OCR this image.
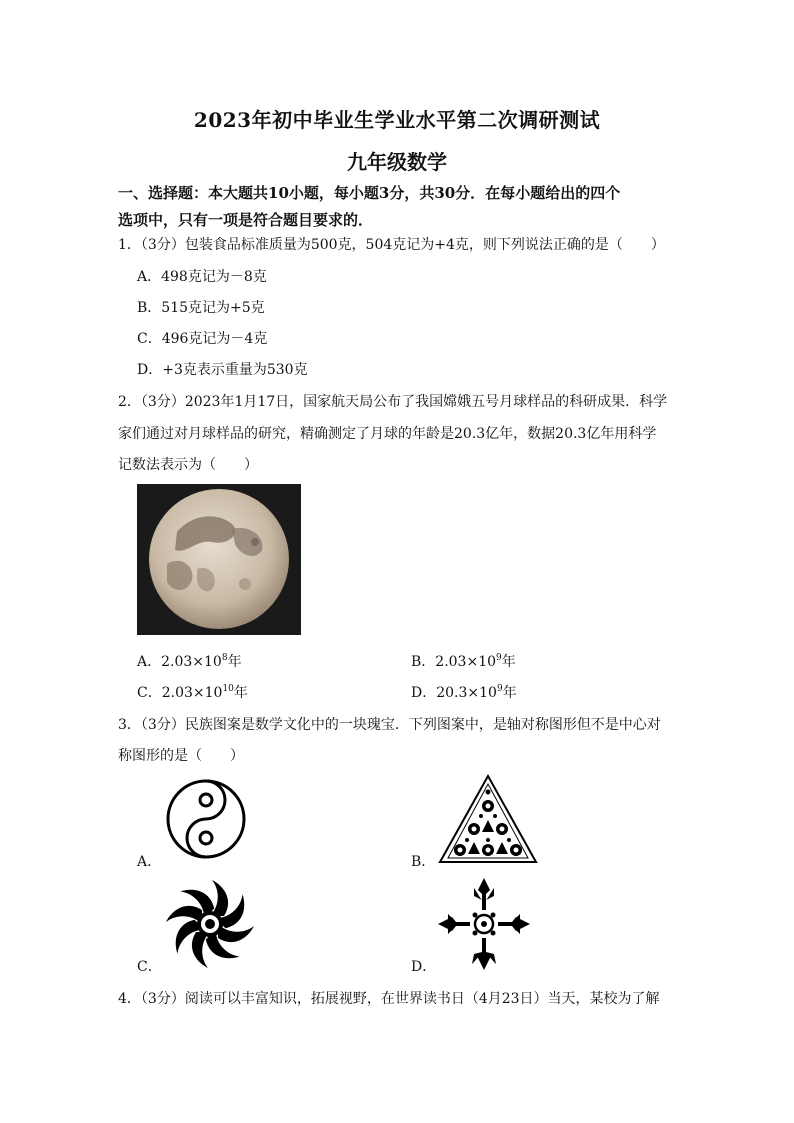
2023年初中毕业生学业水平第二次调研测试
九年级数学
一、选择题：本大题共10小题，每小题3分，共30分．在每小题给出的四个
选项中，只有一项是符合题目要求的．
1．（3分）包装食品标准质量为500克，504克记为+4克，则下列说法正确的是（　　）
A．498克记为－8克
B．515克记为+5克
C．496克记为－4克
D．+3克表示重量为530克
2．（3分）2023年1月17日，国家航天局公布了我国嫦娥五号月球样品的科研成果．科学
家们通过对月球样品的研究，精确测定了月球的年龄是20.3亿年，数据20.3亿年用科学
记数法表示为（　　）
A．$2.03\times 10^8$年	B．$2.03\times 10^9$年
C．$2.03\times 10^{10}$年	D．$20.3\times 10^9$年
3．（3分）民族图案是数学文化中的一块瑰宝．下列图案中，是轴对称图形但不是中心对
称图形的是（　　）
A．	B．
C．	D．
4．（3分）阅读可以丰富知识，拓展视野，在世界读书日（4月23日）当天，某校为了解
